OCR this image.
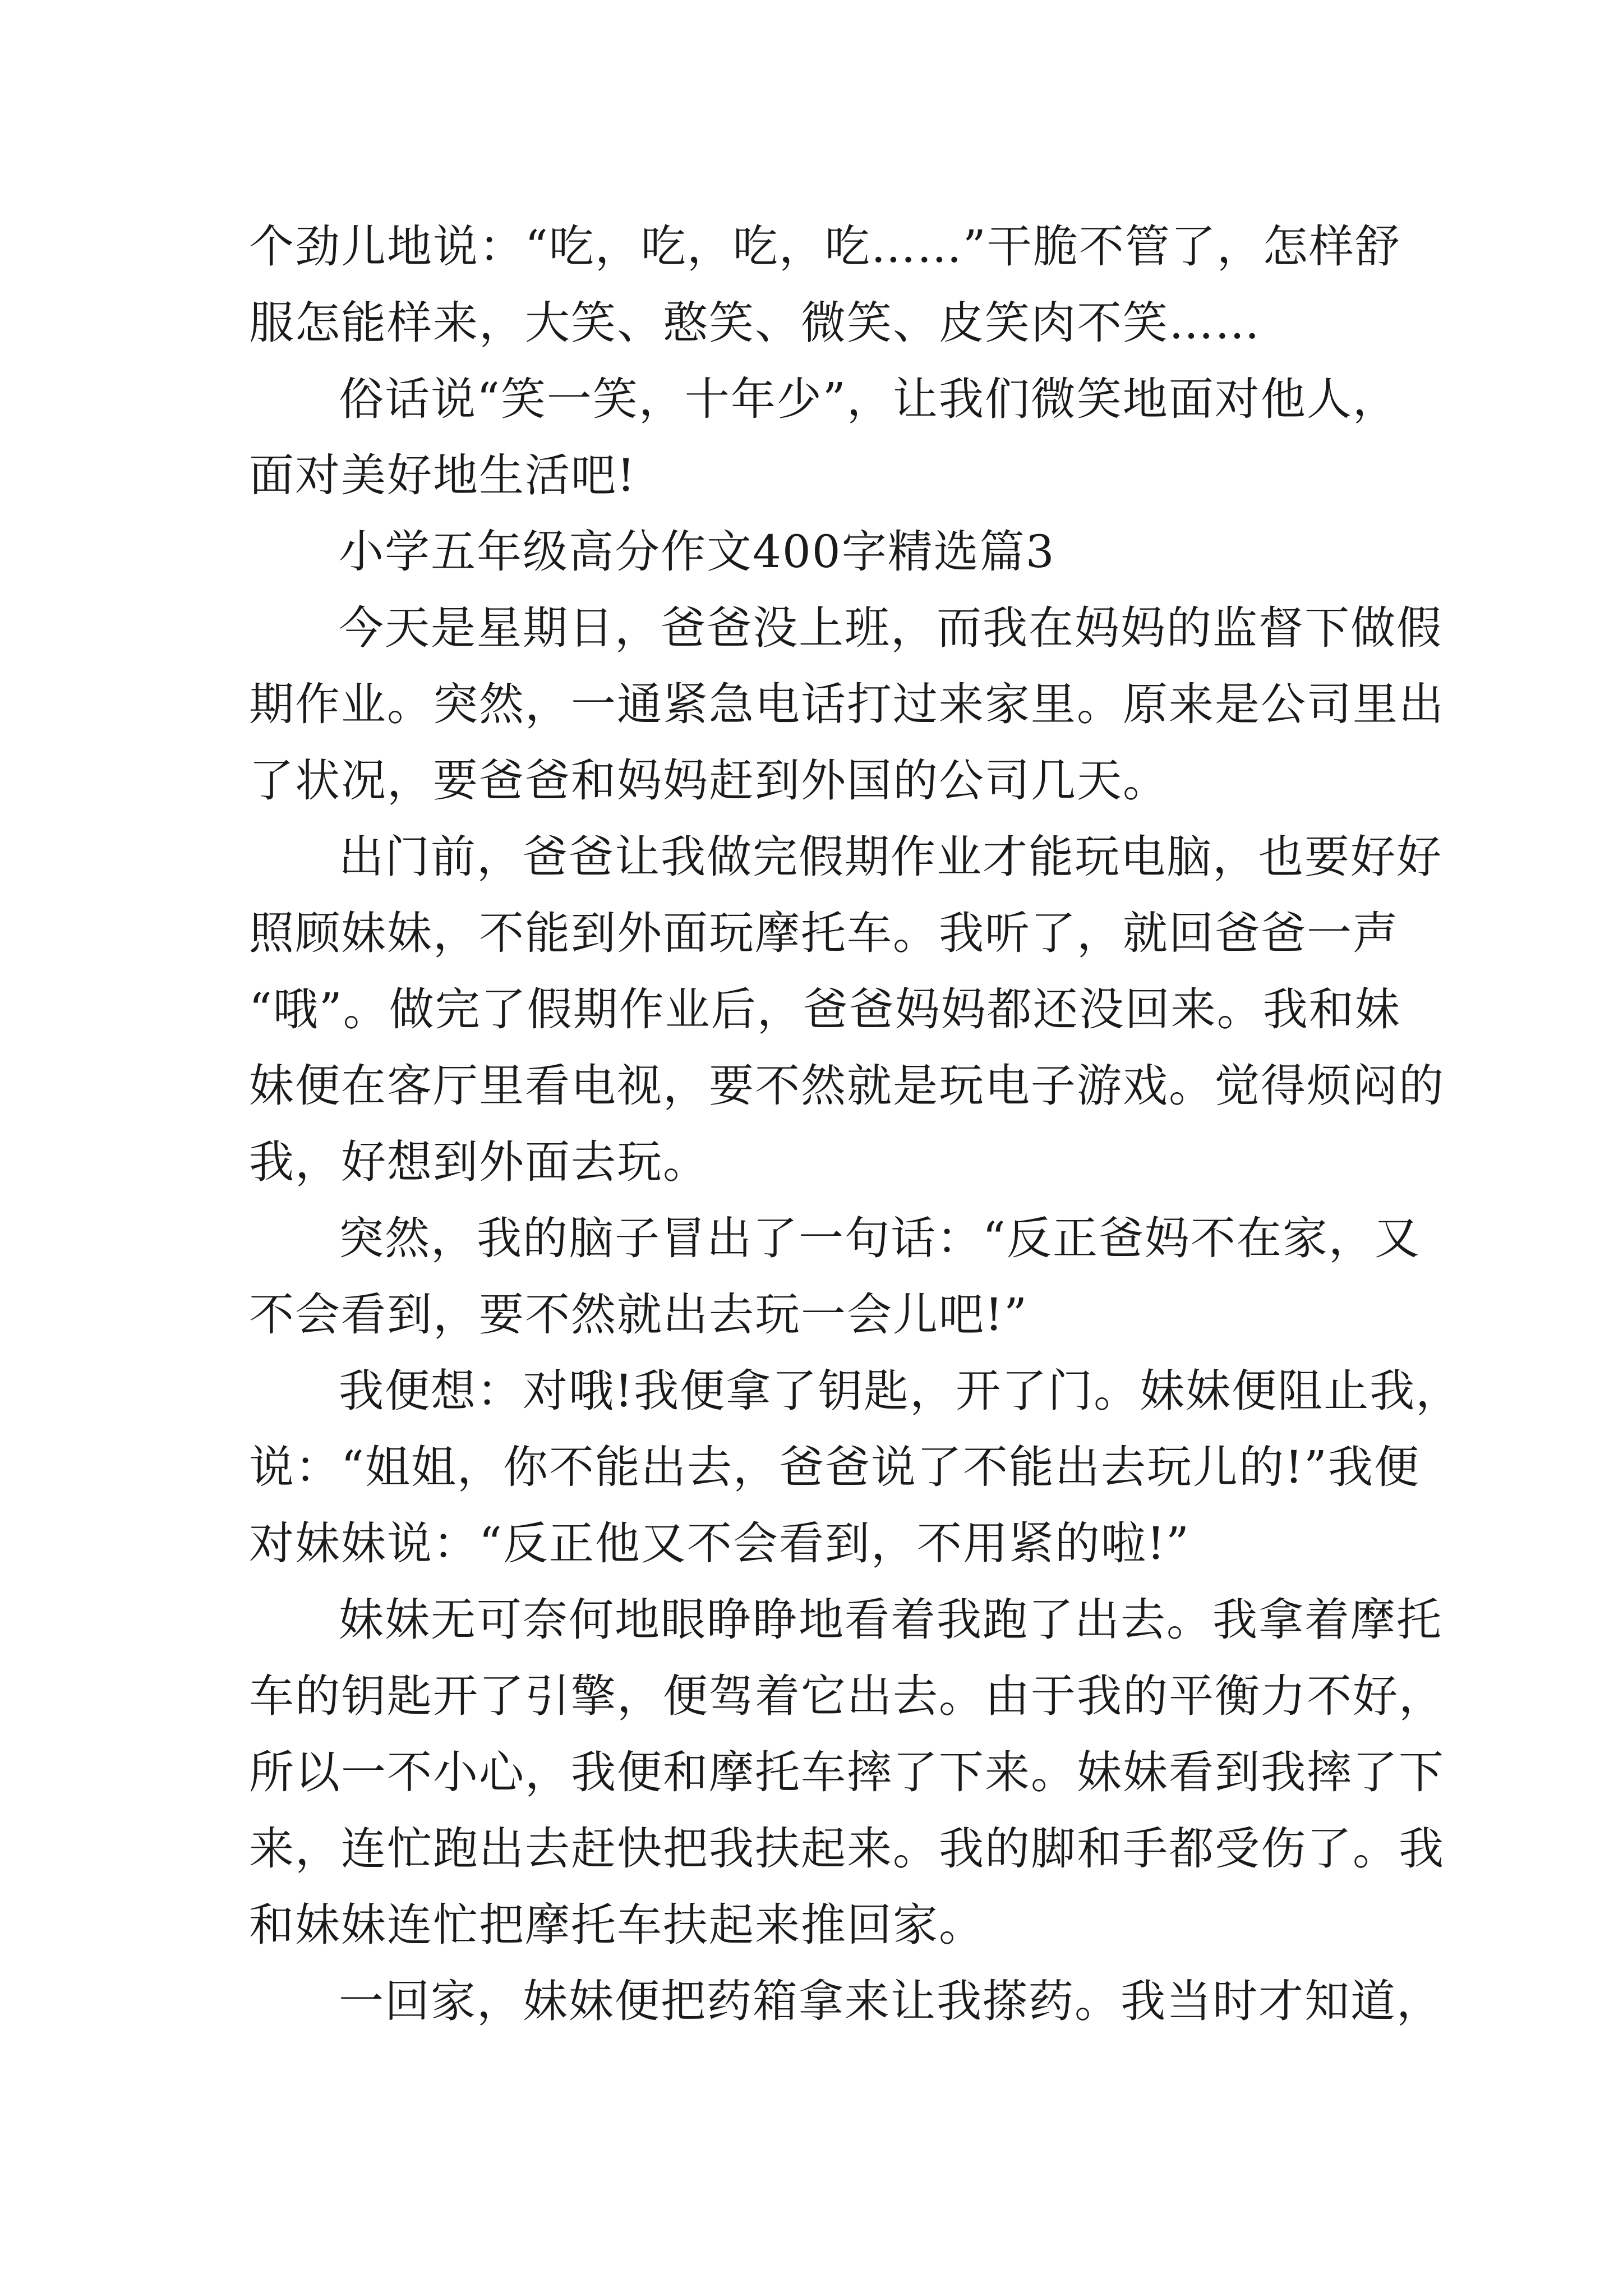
个劲儿地说：“吃，吃，吃，吃……”干脆不管了，怎样舒
服怎能样来，大笑、憨笑、微笑、皮笑肉不笑……
俗话说“笑一笑，十年少”，让我们微笑地面对他人，
面对美好地生活吧!
小学五年级高分作文400字精选篇3
今天是星期日，爸爸没上班，而我在妈妈的监督下做假
期作业。突然，一通紧急电话打过来家里。原来是公司里出
了状况，要爸爸和妈妈赶到外国的公司几天。
出门前，爸爸让我做完假期作业才能玩电脑，也要好好
照顾妹妹，不能到外面玩摩托车。我听了，就回爸爸一声
“哦”。做完了假期作业后，爸爸妈妈都还没回来。我和妹
妹便在客厅里看电视，要不然就是玩电子游戏。觉得烦闷的
我，好想到外面去玩。
突然，我的脑子冒出了一句话：“反正爸妈不在家，又
不会看到，要不然就出去玩一会儿吧!”
我便想：对哦!我便拿了钥匙，开了门。妹妹便阻止我，
说：“姐姐，你不能出去，爸爸说了不能出去玩儿的!”我便
对妹妹说：“反正他又不会看到，不用紧的啦!”
妹妹无可奈何地眼睁睁地看着我跑了出去。我拿着摩托
车的钥匙开了引擎，便驾着它出去。由于我的平衡力不好，
所以一不小心，我便和摩托车摔了下来。妹妹看到我摔了下
来，连忙跑出去赶快把我扶起来。我的脚和手都受伤了。我
和妹妹连忙把摩托车扶起来推回家。
一回家，妹妹便把药箱拿来让我搽药。我当时才知道，
